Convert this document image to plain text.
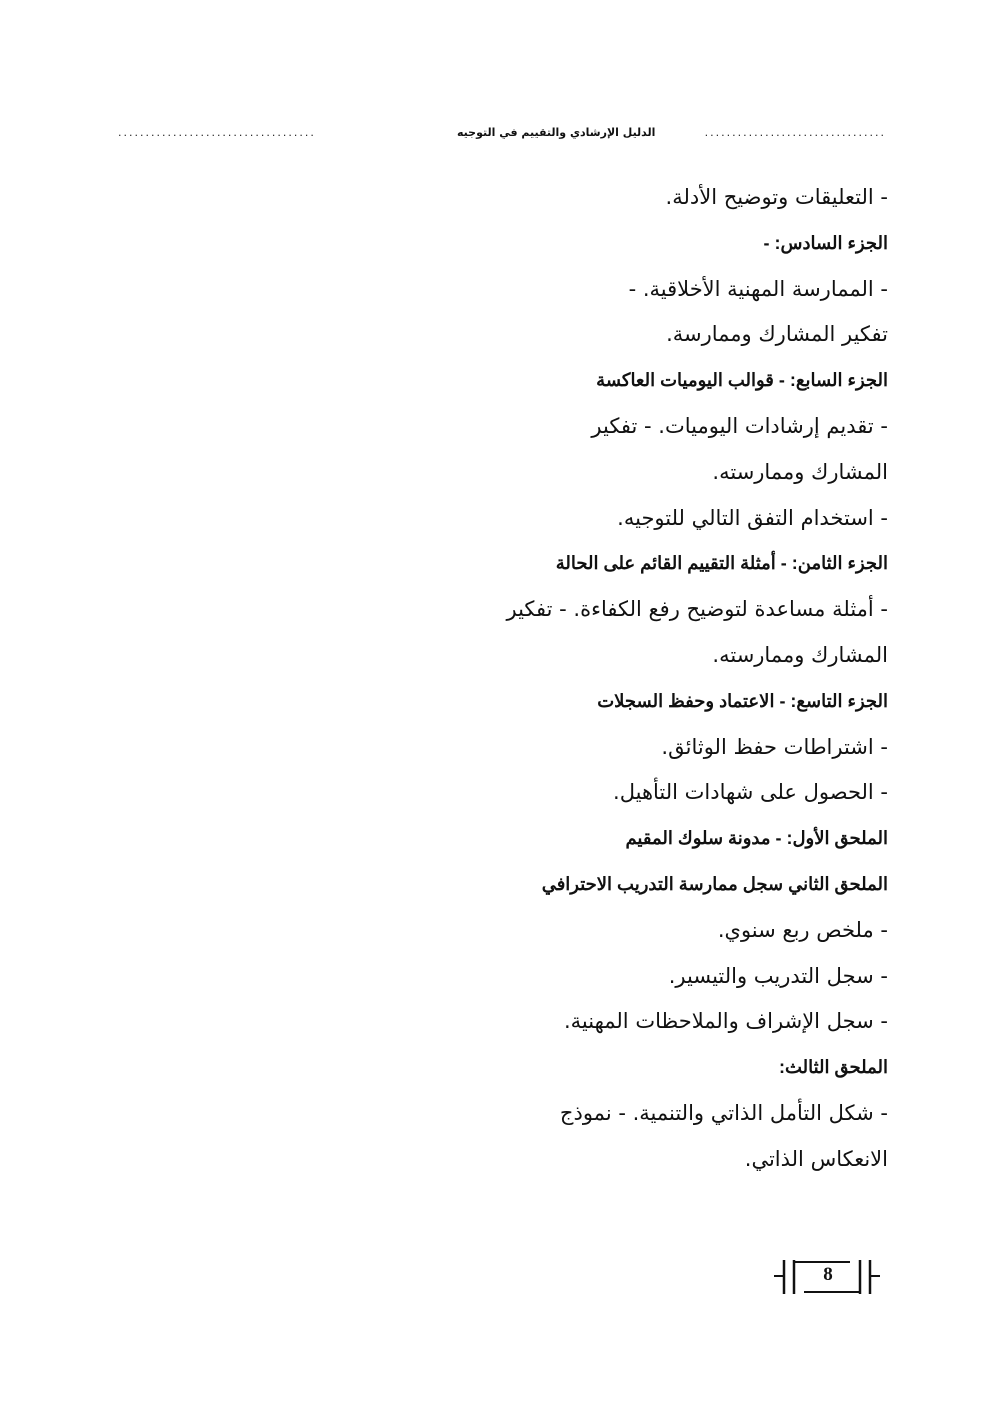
....................................	الدليل الإرشادي والتقييم في التوجيه	.................................
- التعليقات وتوضيح الأدلة.
الجزء السادس: -
- الممارسة المهنية الأخلاقية. -
تفكير المشارك وممارسة.
الجزء السابع: - قوالب اليوميات العاكسة
- تقديم إرشادات اليوميات. - تفكير
المشارك وممارسته.
- استخدام التفق التالي للتوجيه.
الجزء الثامن: - أمثلة التقييم القائم على الحالة
- أمثلة مساعدة لتوضيح رفع الكفاءة. - تفكير
المشارك وممارسته.
الجزء التاسع: - الاعتماد وحفظ السجلات
- اشتراطات حفظ الوثائق.
- الحصول على شهادات التأهيل.
الملحق الأول: - مدونة سلوك المقيم
الملحق الثاني سجل ممارسة التدريب الاحترافي
- ملخص ربع سنوي.
- سجل التدريب والتيسير.
- سجل الإشراف والملاحظات المهنية.
الملحق الثالث:
- شكل التأمل الذاتي والتنمية. - نموذج
الانعكاس الذاتي.
8
